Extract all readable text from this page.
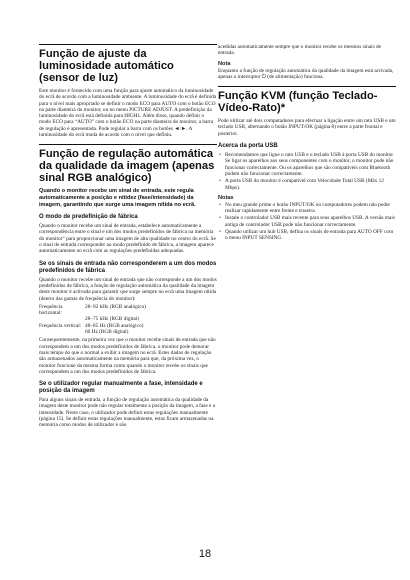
Função de ajuste da luminosidade automático (sensor de luz)

Este monitor é fornecido com uma função para ajuste automático da luminosidade do ecrã de acordo com a luminosidade ambiente. A luminosidade do ecrã é definida para o nível mais apropriado se definir o modo ECO para AUTO com o botão ECO na parte dianteira do monitor, ou no menu PICTURE ADJUST. A predefinição da luminosidade do ecrã está definida para HIGH1. Além disso, quando definir o modo ECO para “AUTO” com o botão ECO na parte dianteira do monitor, a barra de regulação é apresentada. Pode regular a barra com os botões ◄/►. A luminosidade do ecrã muda de acordo com o nível que definiu.

Função de regulação automática da qualidade da imagem (apenas sinal RGB analógico)

Quando o monitor recebe um sinal de entrada, este regula automaticamente a posição e nitidez (fase/intensidade) da imagem, garantindo que surge uma imagem nítida no ecrã.

O modo de predefinição de fábrica

Quando o monitor recebe um sinal de entrada, estabelece automaticamente a correspondência entre o sinal e um dos modos predefinidos de fábrica na memória do monitor” para proporcionar uma imagem de alta qualidade no centro do ecrã. Se o sinal de entrada corresponder ao modo predefinido de fábrica, a imagem aparece automaticamente no ecrã com as regulações predefinidas adequadas.

Se os sinais de entrada não corresponderem a um dos modos predefinidos de fábrica

Quando o monitor recebe um sinal de entrada que não corresponde a um dos modos predefinidos de fábrica, a função de regulação automática da qualidade da imagem deste monitor é activada para garantir que surge sempre no ecrã uma imagem nítida (dentro das gamas de frequência do monitor):

Frequência horizontal:
28–92 kHz (RGB analógico)
28–75 kHz (RGB digital)
Frequência vertical: 48–85 Hz (RGB analógico)
60 Hz (RGB digital)

Consequentemente, na primeira vez que o monitor recebe sinais de entrada que não correspondem a um dos modos predefinidos de fábrica, o monitor pode demorar mais tempo do que o normal a exibir a imagem no ecrã. Estes dados de regulação são armazenados automaticamente na memória para que, da próxima vez, o monitor funcione da mesma forma como quando o monitor recebe os sinais que correspondem a um dos modos predefinidos de fábrica.

Se o utilizador regular manualmente a fase, intensidade e posição da imagem

Para alguns sinais de entrada, a função de regulação automática da qualidade da imagem deste monitor pode não regular totalmente a posição da imagem, a fase e a intensidade. Neste caso, o utilizador pode definir estas regulações manualmente (página 15). Se definir estas regulações manualmente, estas ficam armazenadas na memória como modos de utilizador e são

acedidas automaticamente sempre que o monitor recebe os mesmos sinais de entrada.

Nota

Enquanto a função de regulação automática da qualidade da imagem está activada, apenas o interruptor ⏻ (de alimentação) funciona.

Função KVM (função Teclado-Vídeo-Rato)*

Pode utilizar até dois computadores para efectuar a ligação entre um rato USB e um teclado USB, alternando o botão INPUT/OK (página 8) entre a parte frontal e posterior.

Acerca da porta USB
• Recomendamos que ligue o rato USB e o teclado USB à porta USB do monitor. Se ligar os aparelhos aos seus componentes com o monitor, o monitor pode não funcionar correctamente. Ou os aparelhos que são compatíveis com Bluetooth podem não funcionar correctamente.
• A porta USB do monitor é compatível com Velocidade Total USB (Máx 12 Mbps).
Notas
• No meu grande prime o botão INPUT/OK ou computadores podem não poder realizar rapidamente entre frente e traseira.
• Instale o controlador USB mais recente para seus aparelhos USB. A versão mais antiga de controlador USB pode não funcionar correctamente.
• Quando utilizar um hub USB, defina os sinais de entrada para AUTO OFF com o menu INPUT SENSING.
18
